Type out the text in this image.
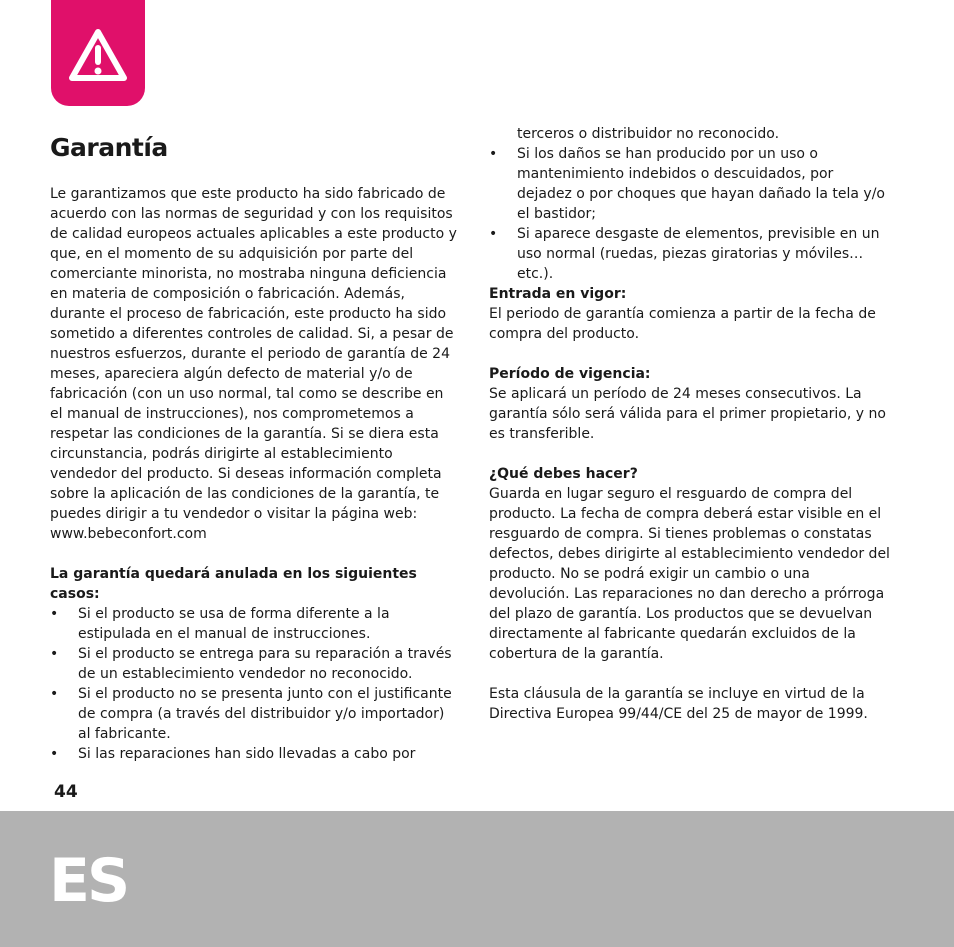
Garantía

Le garantizamos que este producto ha sido fabricado de
acuerdo con las normas de seguridad y con los requisitos
de calidad europeos actuales aplicables a este producto y
que, en el momento de su adquisición por parte del
comerciante minorista, no mostraba ninguna deficiencia
en materia de composición o fabricación. Además,
durante el proceso de fabricación, este producto ha sido
sometido a diferentes controles de calidad. Si, a pesar de
nuestros esfuerzos, durante el periodo de garantía de 24
meses, apareciera algún defecto de material y/o de
fabricación (con un uso normal, tal como se describe en
el manual de instrucciones), nos comprometemos a
respetar las condiciones de la garantía. Si se diera esta
circunstancia, podrás dirigirte al establecimiento
vendedor del producto. Si deseas información completa
sobre la aplicación de las condiciones de la garantía, te
puedes dirigir a tu vendedor o visitar la página web:
www.bebeconfort.com

La garantía quedará anulada en los siguientes
casos:

• Si el producto se usa de forma diferente a la
estipulada en el manual de instrucciones.
• Si el producto se entrega para su reparación a través
de un establecimiento vendedor no reconocido.
• Si el producto no se presenta junto con el justificante
de compra (a través del distribuidor y/o importador)
al fabricante.
• Si las reparaciones han sido llevadas a cabo por
terceros o distribuidor no reconocido.
• Si los daños se han producido por un uso o
mantenimiento indebidos o descuidados, por
dejadez o por choques que hayan dañado la tela y/o
el bastidor;
• Si aparece desgaste de elementos, previsible en un
uso normal (ruedas, piezas giratorias y móviles…
etc.).

Entrada en vigor:

El periodo de garantía comienza a partir de la fecha de
compra del producto.

Período de vigencia:

Se aplicará un período de 24 meses consecutivos. La
garantía sólo será válida para el primer propietario, y no
es transferible.

¿Qué debes hacer?

Guarda en lugar seguro el resguardo de compra del
producto. La fecha de compra deberá estar visible en el
resguardo de compra. Si tienes problemas o constatas
defectos, debes dirigirte al establecimiento vendedor del
producto. No se podrá exigir un cambio o una
devolución. Las reparaciones no dan derecho a prórroga
del plazo de garantía. Los productos que se devuelvan
directamente al fabricante quedarán excluidos de la
cobertura de la garantía.

Esta cláusula de la garantía se incluye en virtud de la
Directiva Europea 99/44/CE del 25 de mayor de 1999.

44
ES
